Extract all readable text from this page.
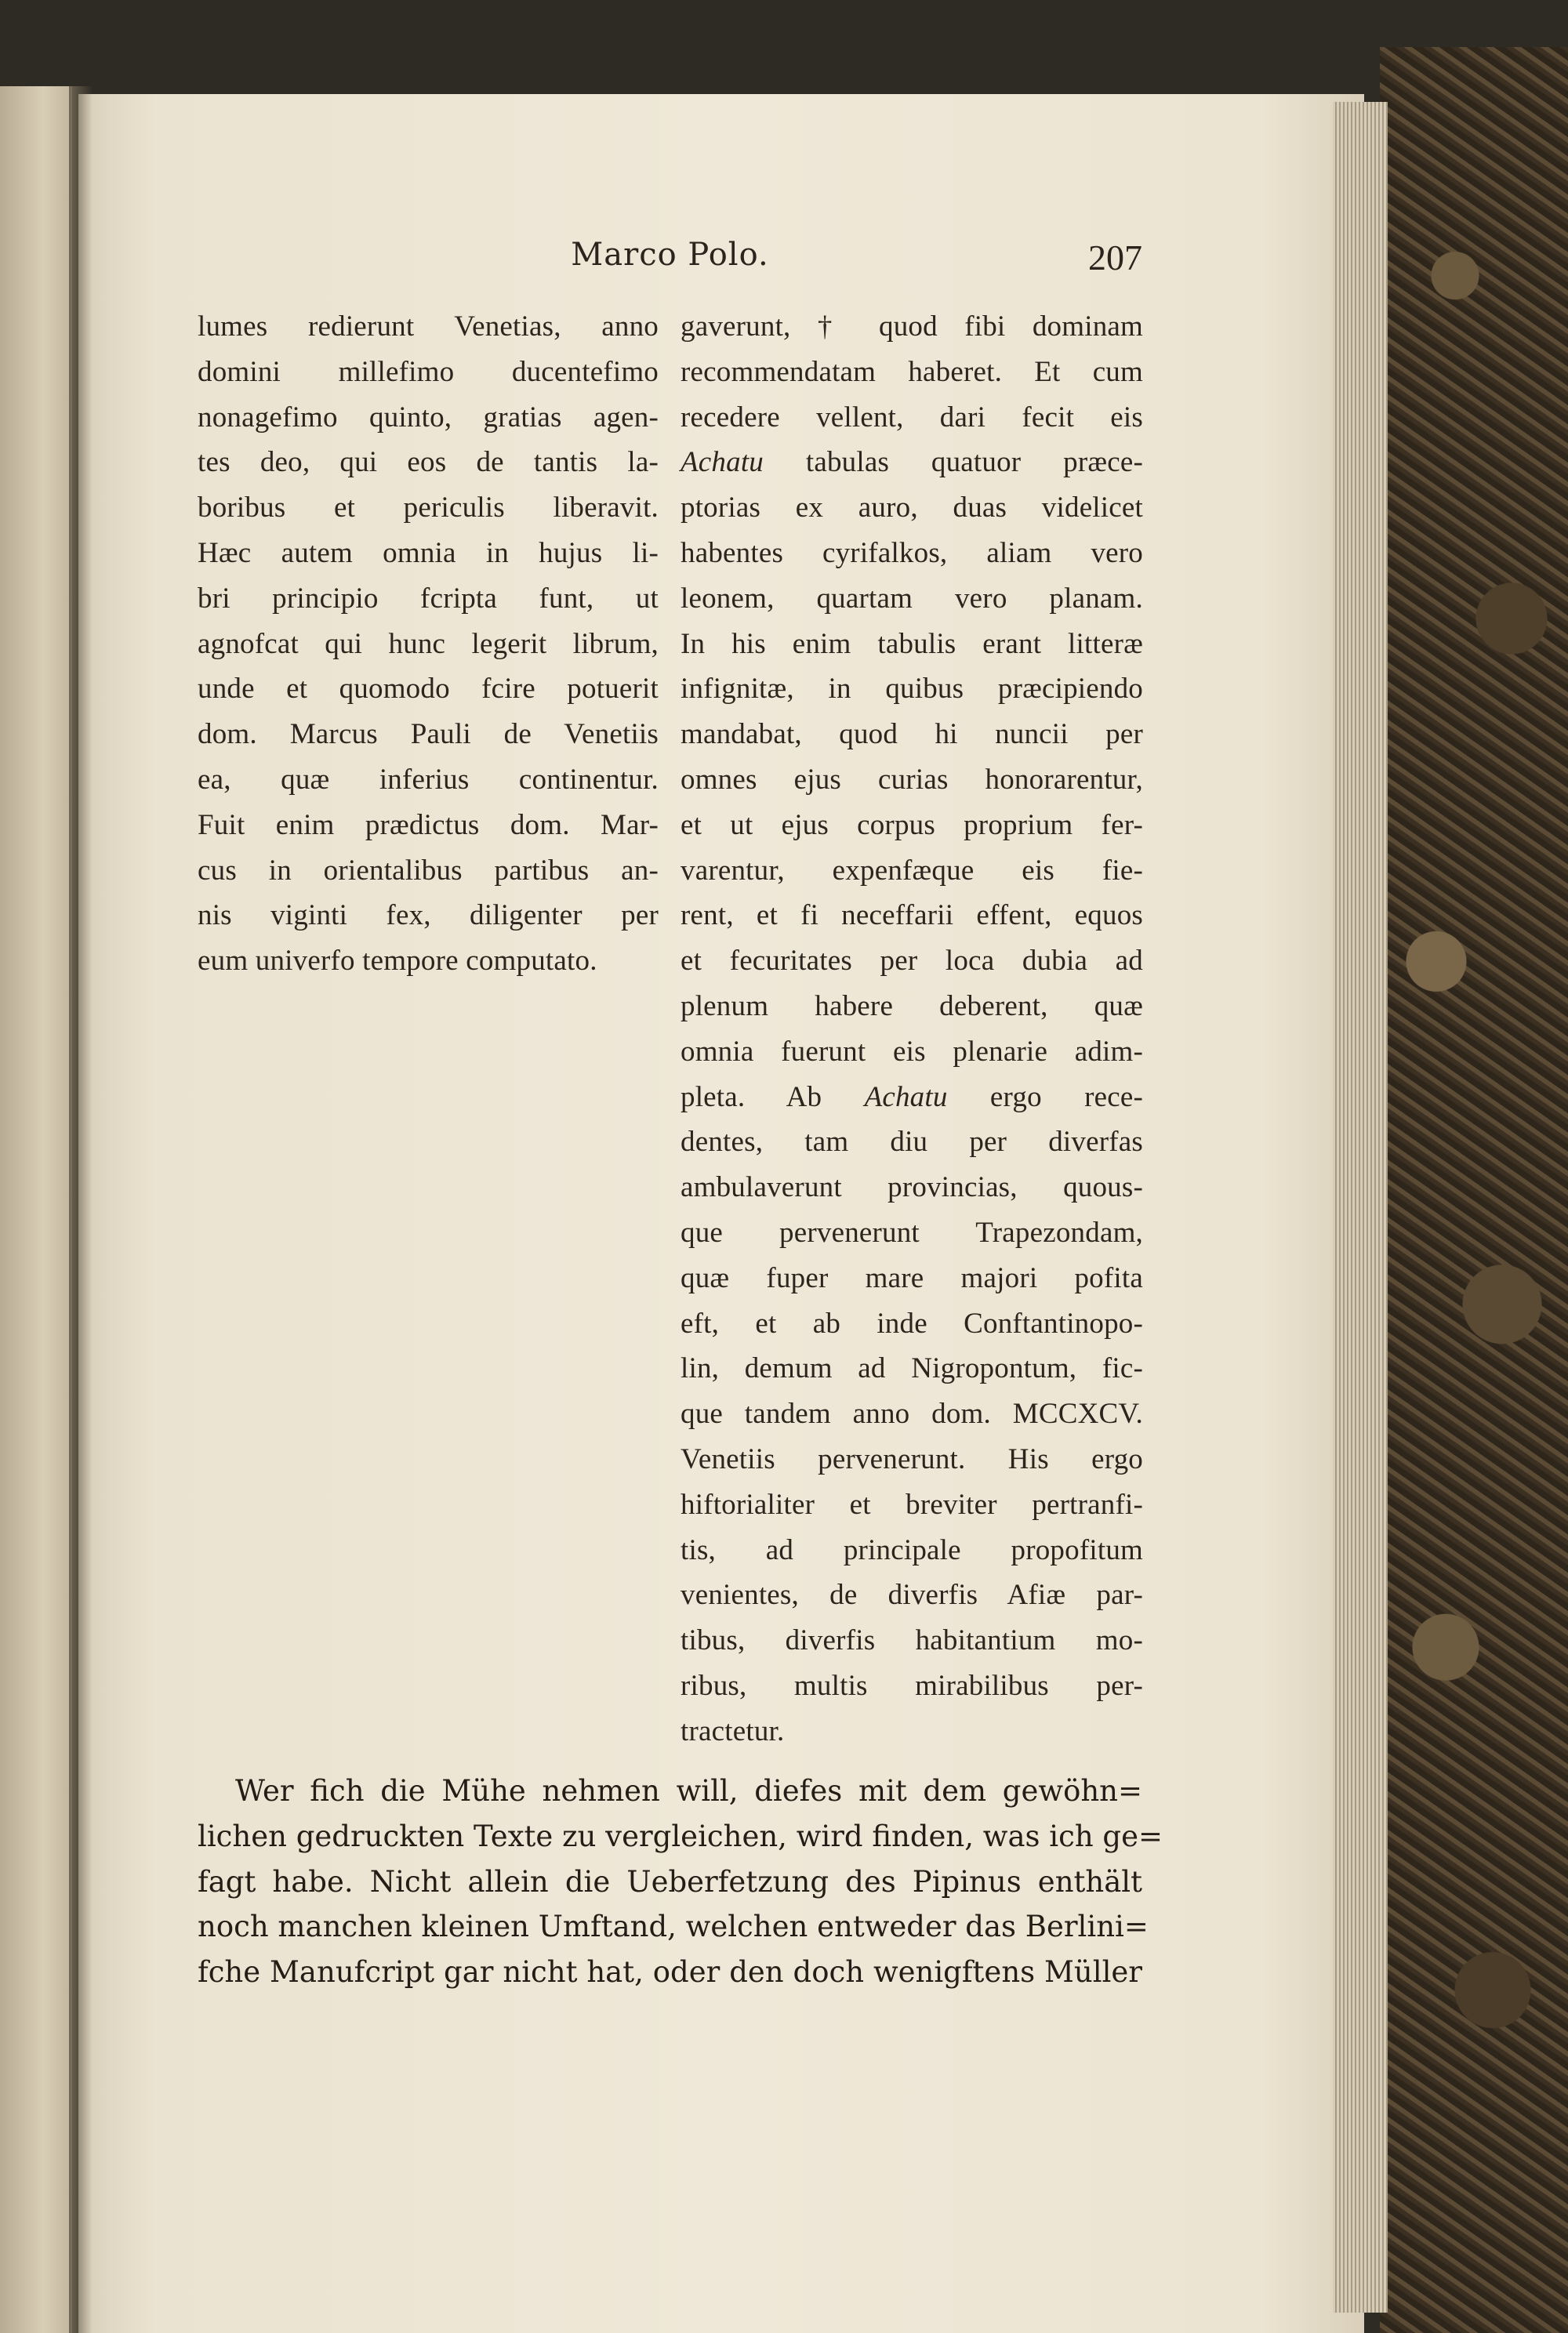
Marco Polo.	207
lumes redierunt Venetias, anno
domini millefimo ducentefimo
nonagefimo quinto, gratias agen-
tes deo, qui eos de tantis la-
boribus et periculis liberavit.
Hæc autem omnia in hujus li-
bri principio fcripta funt, ut
agnofcat qui hunc legerit librum,
unde et quomodo fcire potuerit
dom. Marcus Pauli de Venetiis
ea, quæ inferius continentur.
Fuit enim prædictus dom. Mar-
cus in orientalibus partibus an-
nis viginti fex, diligenter per
eum univerfo tempore computato.
gaverunt, † quod fibi dominam
recommendatam haberet. Et cum
recedere vellent, dari fecit eis
Achatu tabulas quatuor præce-
ptorias ex auro, duas videlicet
habentes cyrifalkos, aliam vero
leonem, quartam vero planam.
In his enim tabulis erant litteræ
infignitæ, in quibus præcipiendo
mandabat, quod hi nuncii per
omnes ejus curias honorarentur,
et ut ejus corpus proprium fer-
varentur, expenfæque eis fie-
rent, et fi neceffarii effent, equos
et fecuritates per loca dubia ad
plenum habere deberent, quæ
omnia fuerunt eis plenarie adim-
pleta. Ab Achatu ergo rece-
dentes, tam diu per diverfas
ambulaverunt provincias, quous-
que pervenerunt Trapezondam,
quæ fuper mare majori pofita
eft, et ab inde Conftantinopo-
lin, demum ad Nigropontum, fic-
que tandem anno dom. MCCXCV.
Venetiis pervenerunt. His ergo
hiftorialiter et breviter pertranfi-
tis, ad principale propofitum
venientes, de diverfis Afiæ par-
tibus, diverfis habitantium mo-
ribus, multis mirabilibus per-
tractetur.
Wer fich die Mühe nehmen will, diefes mit dem gewöhn=
lichen gedruckten Texte zu vergleichen, wird finden, was ich ge=
fagt habe. Nicht allein die Ueberfetzung des Pipinus enthält
noch manchen kleinen Umftand, welchen entweder das Berlini=
fche Manufcript gar nicht hat, oder den doch wenigftens Müller
